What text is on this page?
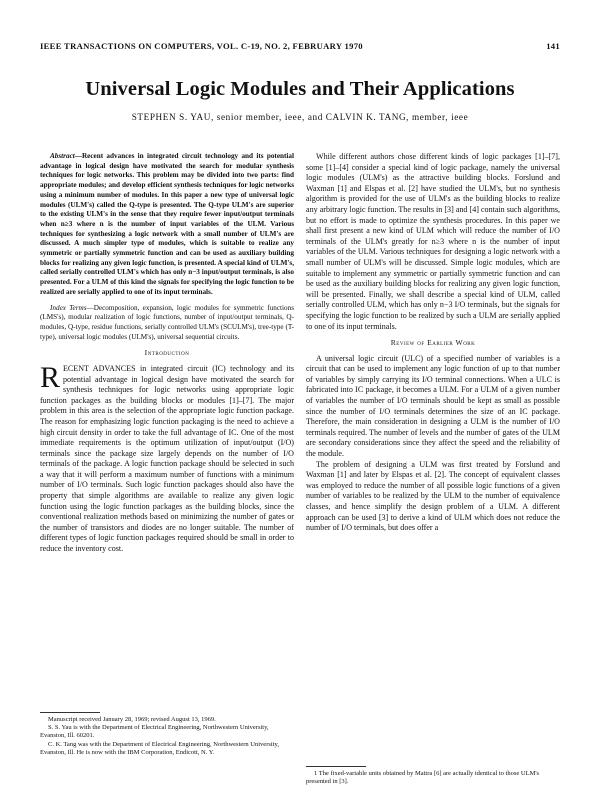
IEEE TRANSACTIONS ON COMPUTERS, VOL. C-19, NO. 2, FEBRUARY 1970	141
Universal Logic Modules and Their Applications
STEPHEN S. YAU, senior member, ieee, and CALVIN K. TANG, member, ieee

Abstract—Recent advances in integrated circuit technology and its potential advantage in logical design have motivated the search for modular synthesis techniques for logic networks. This problem may be divided into two parts: find appropriate modules; and develop efficient synthesis techniques for logic networks using a minimum number of modules. In this paper a new type of universal logic modules (ULM's) called the Q-type is presented. The Q-type ULM's are superior to the existing ULM's in the sense that they require fewer input/output terminals when n≥3 where n is the number of input variables of the ULM. Various techniques for synthesizing a logic network with a small number of ULM's are discussed. A much simpler type of modules, which is suitable to realize any symmetric or partially symmetric function and can be used as auxiliary building blocks for realizing any given logic function, is presented. A special kind of ULM's, called serially controlled ULM's which has only n−3 input/output terminals, is also presented. For a ULM of this kind the signals for specifying the logic function to be realized are serially applied to one of its input terminals.

Index Terms—Decomposition, expansion, logic modules for symmetric functions (LMS's), modular realization of logic functions, number of input/output terminals, Q-modules, Q-type, residue functions, serially controlled ULM's (SCULM's), tree-type (T-type), universal logic modules (ULM's), universal sequential circuits.

Introduction

RECENT ADVANCES in integrated circuit (IC) technology and its potential advantage in logical design have motivated the search for synthesis techniques for logic networks using appropriate logic function packages as the building blocks or modules [1]–[7]. The major problem in this area is the selection of the appropriate logic function package. The reason for emphasizing logic function packaging is the need to achieve a high circuit density in order to take the full advantage of IC. One of the most immediate requirements is the optimum utilization of input/output (I/O) terminals since the package size largely depends on the number of I/O terminals of the package. A logic function package should be selected in such a way that it will perform a maximum number of functions with a minimum number of I/O terminals. Such logic function packages should also have the property that simple algorithms are available to realize any given logic function using the logic function packages as the building blocks, since the conventional realization methods based on minimizing the number of gates or the number of transistors and diodes are no longer suitable. The number of different types of logic function packages required should be small in order to reduce the inventory cost.

While different authors chose different kinds of logic packages [1]–[7], some [1]–[4] consider a special kind of logic package, namely the universal logic modules (ULM's) as the attractive building blocks. Forslund and Waxman [1] and Elspas et al. [2] have studied the ULM's, but no synthesis algorithm is provided for the use of ULM's as the building blocks to realize any arbitrary logic function. The results in [3] and [4] contain such algorithms, but no effort is made to optimize the synthesis procedures. In this paper we shall first present a new kind of ULM which will reduce the number of I/O terminals of the ULM's greatly for n≥3 where n is the number of input variables of the ULM. Various techniques for designing a logic network with a small number of ULM's will be discussed. Simple logic modules, which are suitable to implement any symmetric or partially symmetric function and can be used as the auxiliary building blocks for realizing any given logic function, will be presented. Finally, we shall describe a special kind of ULM, called serially controlled ULM, which has only n−3 I/O terminals, but the signals for specifying the logic function to be realized by such a ULM are serially applied to one of its input terminals.

Review of Earlier Work

A universal logic circuit (ULC) of a specified number of variables is a circuit that can be used to implement any logic function of up to that number of variables by simply carrying its I/O terminal connections. When a ULC is fabricated into IC package, it becomes a ULM. For a ULM of a given number of variables the number of I/O terminals should be kept as small as possible since the number of I/O terminals determines the size of an IC package. Therefore, the main consideration in designing a ULM is the number of I/O terminals required. The number of levels and the number of gates of the ULM are secondary considerations since they affect the speed and the reliability of the module.

The problem of designing a ULM was first treated by Forslund and Waxman [1] and later by Elspas et al. [2]. The concept of equivalent classes was employed to reduce the number of all possible logic functions of a given number of variables to be realized by the ULM to the number of equivalence classes, and hence simplify the design problem of a ULM. A different approach can be used [3] to derive a kind of ULM which does not reduce the number of I/O terminals, but does offer a

Manuscript received January 28, 1969; revised August 13, 1969.

S. S. Yau is with the Department of Electrical Engineering, Northwestern University, Evanston, Ill. 60201.

C. K. Tang was with the Department of Electrical Engineering, Northwestern University, Evanston, Ill. He is now with the IBM Corporation, Endicott, N. Y.

1 The fixed-variable units obtained by Maitra [6] are actually identical to those ULM's presented in [3].
